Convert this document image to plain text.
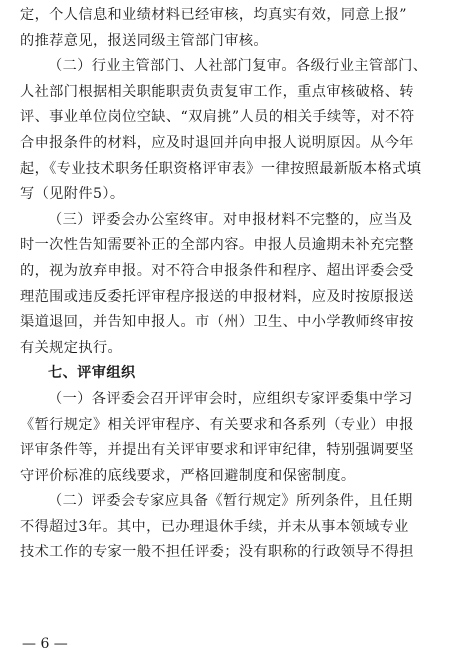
定，个人信息和业绩材料已经审核，均真实有效，同意上报”
的推荐意见，报送同级主管部门审核。
（二）行业主管部门、人社部门复审。各级行业主管部门、
人社部门根据相关职能职责负责复审工作，重点审核破格、转
评、事业单位岗位空缺、“双肩挑”人员的相关手续等，对不符
合申报条件的材料，应及时退回并向申报人说明原因。从今年
起，《专业技术职务任职资格评审表》一律按照最新版本格式填
写（见附件5）。
（三）评委会办公室终审。对申报材料不完整的，应当及
时一次性告知需要补正的全部内容。申报人员逾期未补充完整
的，视为放弃申报。对不符合申报条件和程序、超出评委会受
理范围或违反委托评审程序报送的申报材料，应及时按原报送
渠道退回，并告知申报人。市（州）卫生、中小学教师终审按
有关规定执行。
七、评审组织
（一）各评委会召开评审会时，应组织专家评委集中学习
《暂行规定》相关评审程序、有关要求和各系列（专业）申报
评审条件等，并提出有关评审要求和评审纪律，特别强调要坚
守评价标准的底线要求，严格回避制度和保密制度。
（二）评委会专家应具备《暂行规定》所列条件，且任期
不得超过3年。其中，已办理退休手续，并未从事本领域专业
技术工作的专家一般不担任评委；没有职称的行政领导不得担
— 6 —
